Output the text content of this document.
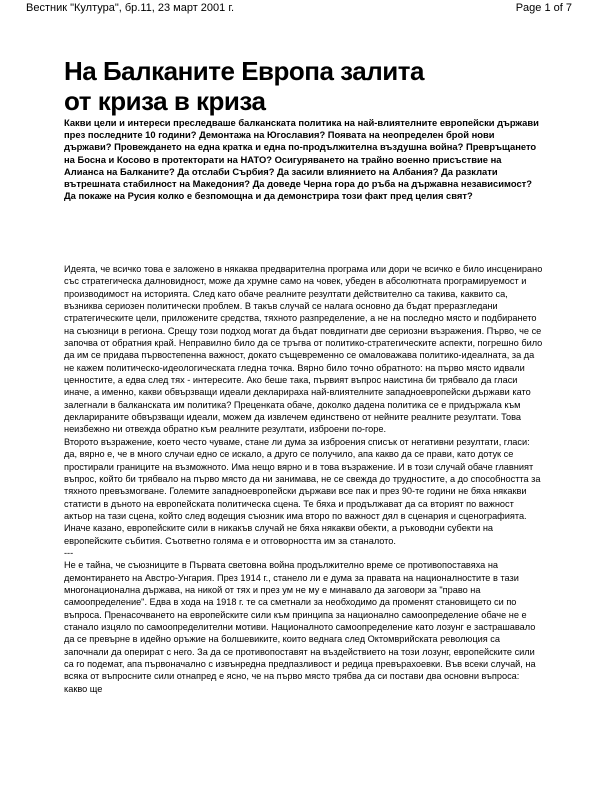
Вестник "Култура", бр.11, 23 март 2001 г.	Page 1 of 7
На Балканите Европа залита
от криза в криза

Какви цели и интереси преследваше балканската политика на най-влиятелните европейски държави през последните 10 години? Демонтажа на Югославия? Появата на неопределен брой нови държави? Провеждането на една кратка и една по-продължителна въздушна война? Превръщането на Босна и Косово в протекторати на НАТО? Осигуряването на трайно военно присъствие на Алианса на Балканите? Да отслаби Сърбия? Да засили влиянието на Албания? Да разклати вътрешната стабилност на Македония? Да доведе Черна гора до ръба на държавна независимост? Да покаже на Русия колко е безпомощна и да демонстрира този факт пред целия свят?

Идеята, че всичко това е заложено в някаква предварителна програма или дори че всичко е било инсценирано със стратегическа далновидност, може да хрумне само на човек, убеден в абсолютната програмируемост и производимост на историята. След като обаче реалните резултати действително са такива, каквито са, възниква сериозен политически проблем. В такъв случай се налага основно да бъдат преразгледани стратегическите цели, приложените средства, тяхното разпределение, а не на последно място и подбирането на съюзници в региона. Срещу този подход могат да бъдат повдигнати две сериозни възражения. Първо, че се започва от обратния край. Неправилно било да се тръгва от политико-стратегическите аспекти, погрешно било да им се придава първостепенна важност, докато същевременно се омаловажава политико-идеалната, за да не кажем политическо-идеологическата гледна точка. Вярно било точно обратното: на първо място идвали ценностите, а едва след тях - интересите. Ако беше така, първият въпрос наистина би трябвало да гласи иначе, а именно, какви обвързващи идеали декларираха най-влиятелните западноевропейски държави като залегнали в балканската им политика? Преценката обаче, доколко дадена политика се е придържала към декларираните обвързващи идеали, можем да извлечем единствено от нейните реалните резултати. Това неизбежно ни отвежда обратно към реалните резултати, изброени по-горе.

Второто възражение, което често чуваме, стане ли дума за изброения списък от негативни резултати, гласи: да, вярно е, че в много случаи едно се искало, а друго се получило, апа какво да се прави, като дотук се простирали границите на възможното. Има нещо вярно и в това възражение. И в този случай обаче главният въпрос, който би трябвало на първо място да ни занимава, не се свежда до трудностите, а до способността за тяхното превъзмогване. Големите западноевропейски държави все пак и през 90-те години не бяха някакви статисти в дъното на европейската политическа сцена. Те бяха и продължават да са вторият по важност актьор на тази сцена, който след водещия съюзник има второ по важност дял в сценария и сценографията. Иначе казано, европейските сили в никакъв случай не бяха някакви обекти, а ръководни субекти на европейските събития. Съответно голяма е и отговорността им за станалото.

---

Не е тайна, че съюзниците в Първата световна война продължително време се противопоставяха на демонтирането на Австро-Унгария. През 1914 г., станело ли е дума за правата на националностите в тази многонационална държава, на никой от тях и през ум не му е минавало да заговори за "право на самоопределение". Едва в хода на 1918 г. те са сметнали за необходимо да променят становището си по въпроса. Пренасочването на европейските сили към принципа за национално самоопределение обаче не е станало изцяло по самоопределителни мотиви. Националното самоопределение като лозунг е застрашавало да се превърне в идейно оръжие на болшевиките, които веднага след Октомврийската революция са започнали да оперират с него. За да се противопоставят на въздействието на този лозунг, европейските сили са го подемат, апа първоначално с извънредна предпазливост и редица превърахоевки. Във всеки случай, на всяка от въпросните сили отнапред е ясно, че на първо място трябва да си постави два основни въпроса: какво ще
